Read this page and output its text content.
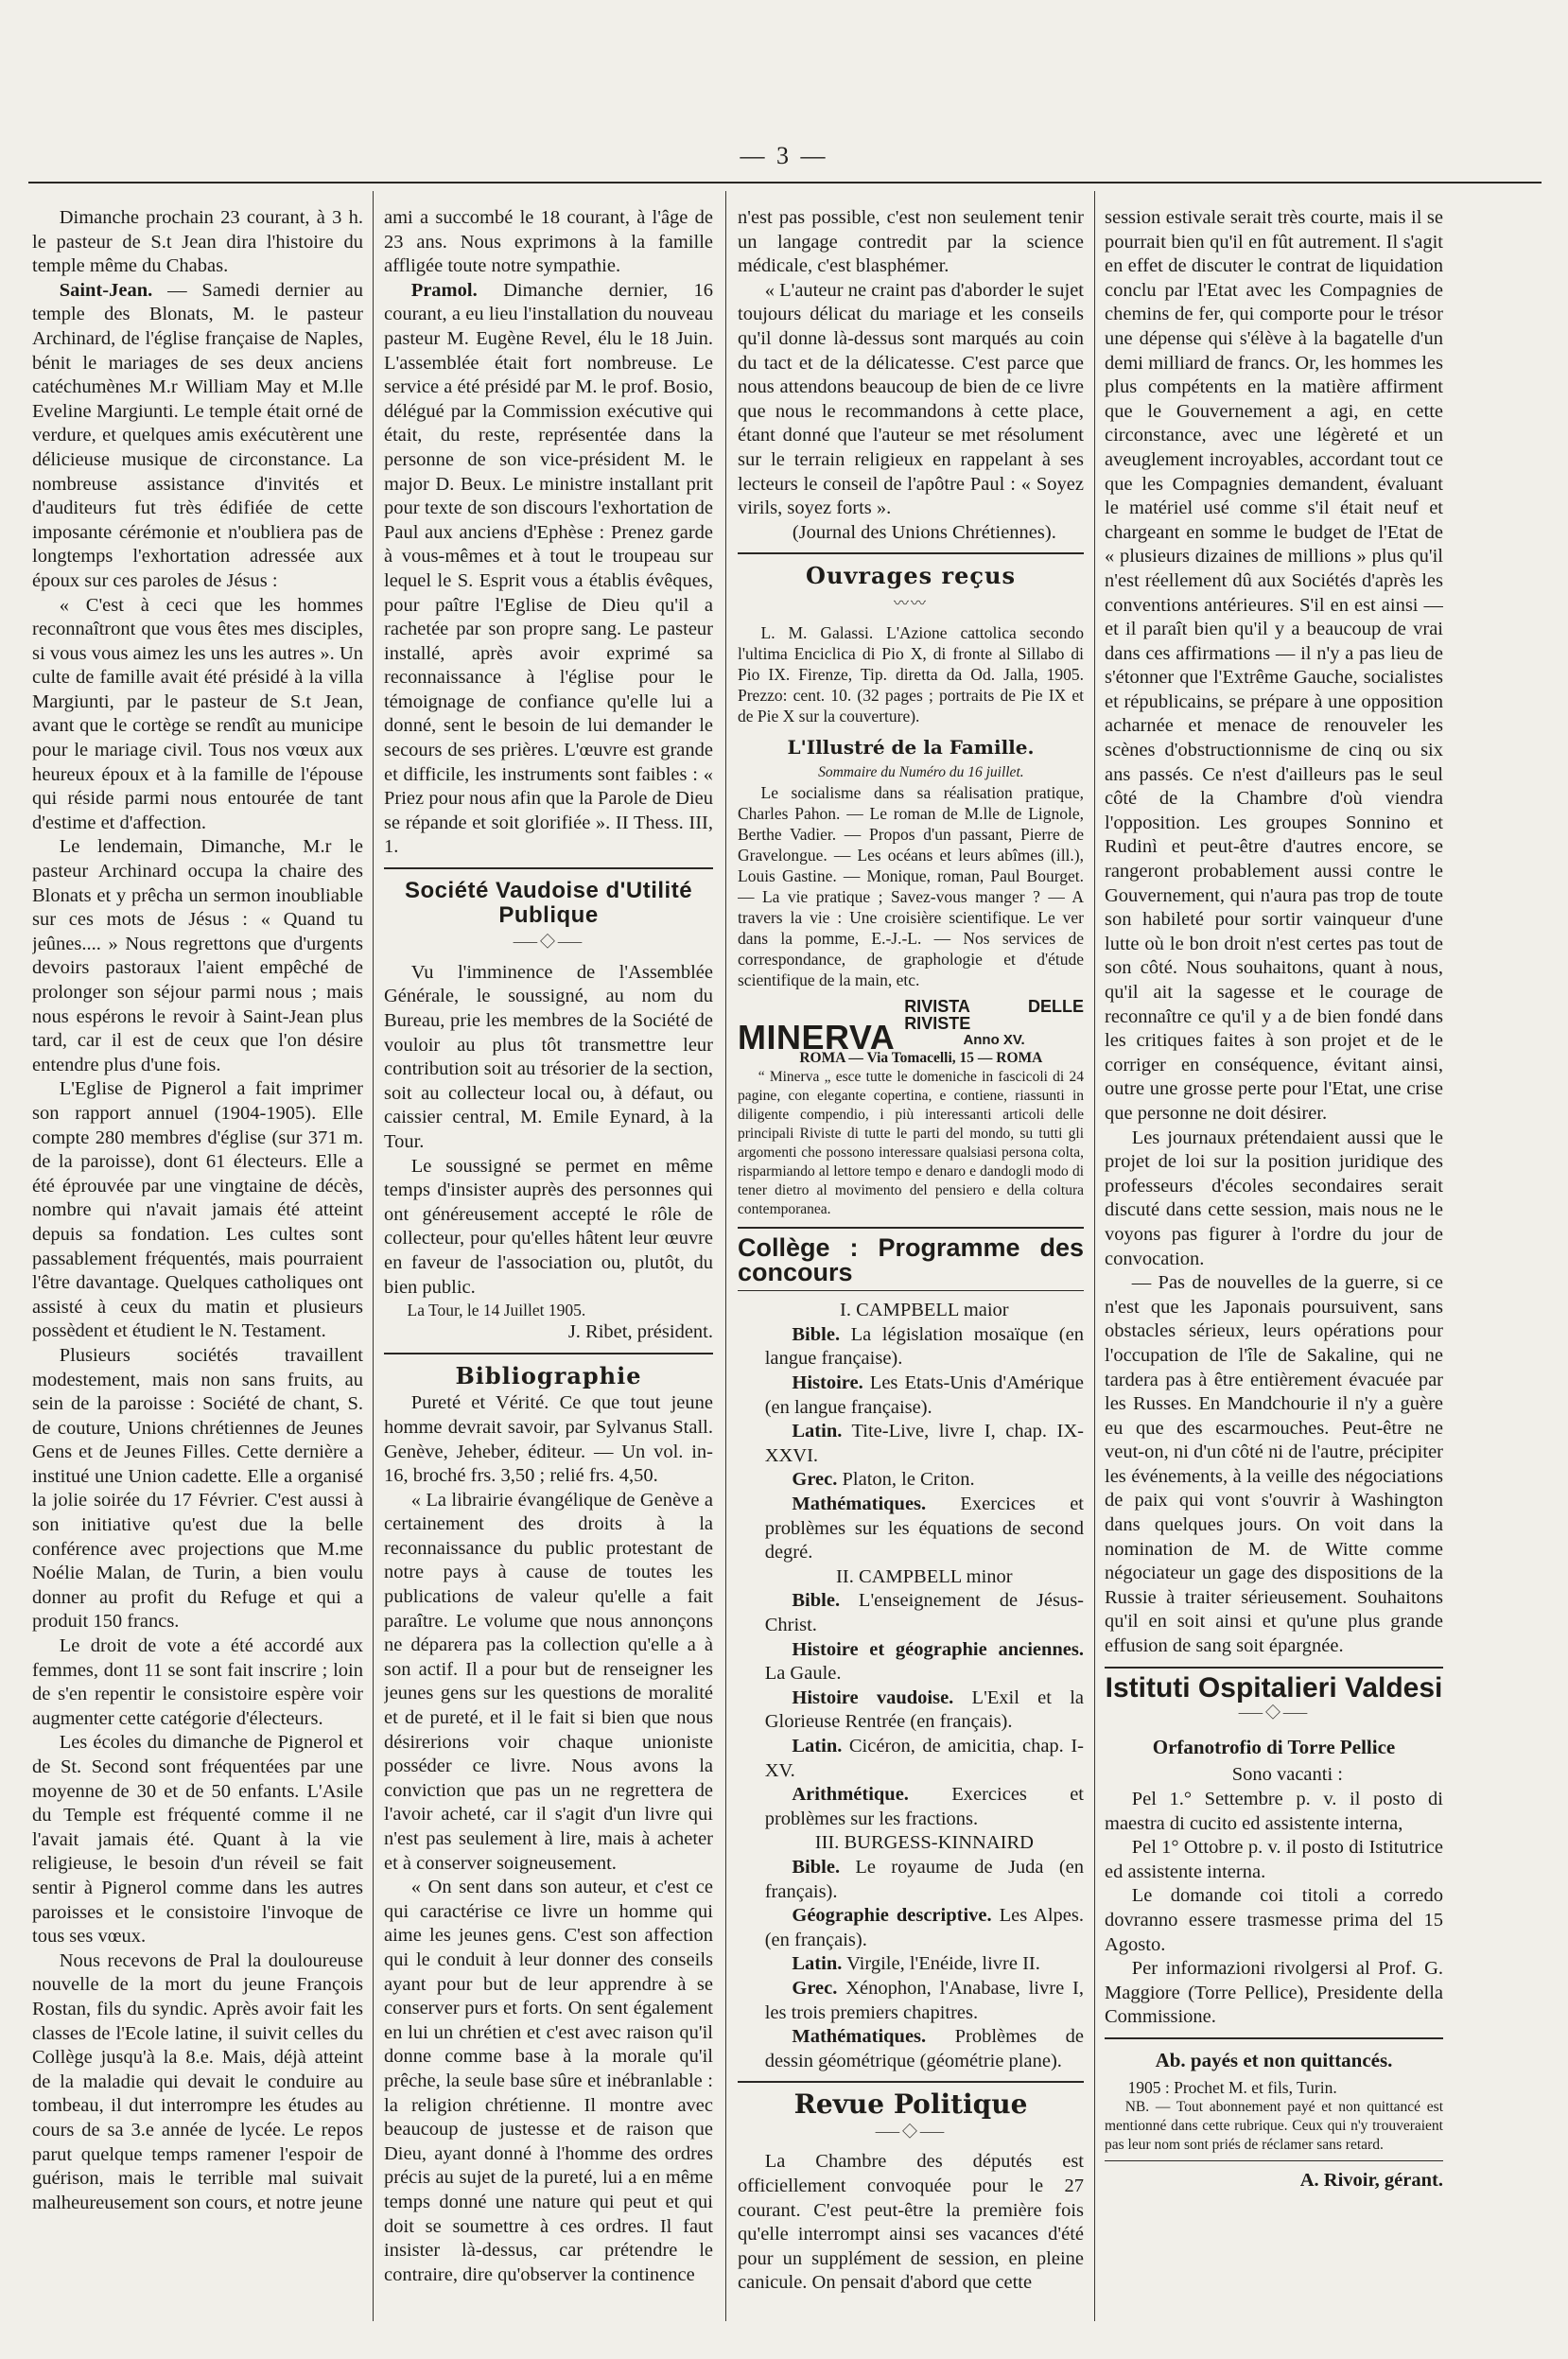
— 3 —

Dimanche prochain 23 courant, à 3 h. le pasteur de S.t Jean dira l'histoire du temple même du Chabas.

Saint-Jean. — Samedi dernier au temple des Blonats, M. le pasteur Archinard, de l'église française de Naples, bénit le mariages de ses deux anciens catéchumènes M.r William May et M.lle Eveline Margiunti. Le temple était orné de verdure, et quelques amis exécutèrent une délicieuse musique de circonstance. La nombreuse assistance d'invités et d'auditeurs fut très édifiée de cette imposante cérémonie et n'oubliera pas de longtemps l'exhortation adressée aux époux sur ces paroles de Jésus :

« C'est à ceci que les hommes reconnaîtront que vous êtes mes disciples, si vous vous aimez les uns les autres ». Un culte de famille avait été présidé à la villa Margiunti, par le pasteur de S.t Jean, avant que le cortège se rendît au municipe pour le mariage civil. Tous nos vœux aux heureux époux et à la famille de l'épouse qui réside parmi nous entourée de tant d'estime et d'affection.

Le lendemain, Dimanche, M.r le pasteur Archinard occupa la chaire des Blonats et y prêcha un sermon inoubliable sur ces mots de Jésus : « Quand tu jeûnes.... » Nous regrettons que d'urgents devoirs pastoraux l'aient empêché de prolonger son séjour parmi nous ; mais nous espérons le revoir à Saint-Jean plus tard, car il est de ceux que l'on désire entendre plus d'une fois.

L'Eglise de Pignerol a fait imprimer son rapport annuel (1904-1905). Elle compte 280 membres d'église (sur 371 m. de la paroisse), dont 61 électeurs. Elle a été éprouvée par une vingtaine de décès, nombre qui n'avait jamais été atteint depuis sa fondation. Les cultes sont passablement fréquentés, mais pourraient l'être davantage. Quelques catholiques ont assisté à ceux du matin et plusieurs possèdent et étudient le N. Testament.

Plusieurs sociétés travaillent modestement, mais non sans fruits, au sein de la paroisse : Société de chant, S. de couture, Unions chrétiennes de Jeunes Gens et de Jeunes Filles. Cette dernière a institué une Union cadette. Elle a organisé la jolie soirée du 17 Février. C'est aussi à son initiative qu'est due la belle conférence avec projections que M.me Noélie Malan, de Turin, a bien voulu donner au profit du Refuge et qui a produit 150 francs.

Le droit de vote a été accordé aux femmes, dont 11 se sont fait inscrire ; loin de s'en repentir le consistoire espère voir augmenter cette catégorie d'électeurs.

Les écoles du dimanche de Pignerol et de St. Second sont fréquentées par une moyenne de 30 et de 50 enfants. L'Asile du Temple est fréquenté comme il ne l'avait jamais été. Quant à la vie religieuse, le besoin d'un réveil se fait sentir à Pignerol comme dans les autres paroisses et le consistoire l'invoque de tous ses vœux.

Nous recevons de Pral la douloureuse nouvelle de la mort du jeune François Rostan, fils du syndic. Après avoir fait les classes de l'Ecole latine, il suivit celles du Collège jusqu'à la 8.e. Mais, déjà atteint de la maladie qui devait le conduire au tombeau, il dut interrompre les études au cours de sa 3.e année de lycée. Le repos parut quelque temps ramener l'espoir de guérison, mais le terrible mal suivait malheureusement son cours, et notre jeune

ami a succombé le 18 courant, à l'âge de 23 ans. Nous exprimons à la famille affligée toute notre sympathie.

Pramol. Dimanche dernier, 16 courant, a eu lieu l'installation du nouveau pasteur M. Eugène Revel, élu le 18 Juin. L'assemblée était fort nombreuse. Le service a été présidé par M. le prof. Bosio, délégué par la Commission exécutive qui était, du reste, représentée dans la personne de son vice-président M. le major D. Beux. Le ministre installant prit pour texte de son discours l'exhortation de Paul aux anciens d'Ephèse : Prenez garde à vous-mêmes et à tout le troupeau sur lequel le S. Esprit vous a établis évêques, pour paître l'Eglise de Dieu qu'il a rachetée par son propre sang. Le pasteur installé, après avoir exprimé sa reconnaissance à l'église pour le témoignage de confiance qu'elle lui a donné, sent le besoin de lui demander le secours de ses prières. L'œuvre est grande et difficile, les instruments sont faibles : « Priez pour nous afin que la Parole de Dieu se répande et soit glorifiée ». II Thess. III, 1.

Société Vaudoise d'Utilité Publique
⸺◇⸺

Vu l'imminence de l'Assemblée Générale, le soussigné, au nom du Bureau, prie les membres de la Société de vouloir au plus tôt transmettre leur contribution soit au trésorier de la section, soit au collecteur local ou, à défaut, ou caissier central, M. Emile Eynard, à la Tour.

Le soussigné se permet en même temps d'insister auprès des personnes qui ont généreusement accepté le rôle de collecteur, pour qu'elles hâtent leur œuvre en faveur de l'association ou, plutôt, du bien public.

La Tour, le 14 Juillet 1905.

J. Ribet, président.

Bibliographie

Pureté et Vérité. Ce que tout jeune homme devrait savoir, par Sylvanus Stall. Genève, Jeheber, éditeur. — Un vol. in-16, broché frs. 3,50 ; relié frs. 4,50.

« La librairie évangélique de Genève a certainement des droits à la reconnaissance du public protestant de notre pays à cause de toutes les publications de valeur qu'elle a fait paraître. Le volume que nous annonçons ne déparera pas la collection qu'elle a à son actif. Il a pour but de renseigner les jeunes gens sur les questions de moralité et de pureté, et il le fait si bien que nous désirerions voir chaque unioniste posséder ce livre. Nous avons la conviction que pas un ne regrettera de l'avoir acheté, car il s'agit d'un livre qui n'est pas seulement à lire, mais à acheter et à conserver soigneusement.

« On sent dans son auteur, et c'est ce qui caractérise ce livre un homme qui aime les jeunes gens. C'est son affection qui le conduit à leur donner des conseils ayant pour but de leur apprendre à se conserver purs et forts. On sent également en lui un chrétien et c'est avec raison qu'il donne comme base à la morale qu'il prêche, la seule base sûre et inébranlable : la religion chrétienne. Il montre avec beaucoup de justesse et de raison que Dieu, ayant donné à l'homme des ordres précis au sujet de la pureté, lui a en même temps donné une nature qui peut et qui doit se soumettre à ces ordres. Il faut insister là-dessus, car prétendre le contraire, dire qu'observer la continence

n'est pas possible, c'est non seulement tenir un langage contredit par la science médicale, c'est blasphémer.

« L'auteur ne craint pas d'aborder le sujet toujours délicat du mariage et les conseils qu'il donne là-dessus sont marqués au coin du tact et de la délicatesse. C'est parce que nous attendons beaucoup de bien de ce livre que nous le recommandons à cette place, étant donné que l'auteur se met résolument sur le terrain religieux en rappelant à ses lecteurs le conseil de l'apôtre Paul : « Soyez virils, soyez forts ».

(Journal des Unions Chrétiennes).

Ouvrages reçus
〰〰

L. M. Galassi. L'Azione cattolica secondo l'ultima Enciclica di Pio X, di fronte al Sillabo di Pio IX. Firenze, Tip. diretta da Od. Jalla, 1905. Prezzo: cent. 10. (32 pages ; portraits de Pie IX et de Pie X sur la couverture).

L'Illustré de la Famille.

Sommaire du Numéro du 16 juillet.

Le socialisme dans sa réalisation pratique, Charles Pahon. — Le roman de M.lle de Lignole, Berthe Vadier. — Propos d'un passant, Pierre de Gravelongue. — Les océans et leurs abîmes (ill.), Louis Gastine. — Monique, roman, Paul Bourget. — La vie pratique ; Savez-vous manger ? — A travers la vie : Une croisière scientifique. Le ver dans la pomme, E.-J.-L. — Nos services de correspondance, de graphologie et d'étude scientifique de la main, etc.

MINERVA
RIVISTA DELLE RIVISTE
Anno XV.

ROMA — Via Tomacelli, 15 — ROMA

“ Minerva „ esce tutte le domeniche in fascicoli di 24 pagine, con elegante copertina, e contiene, riassunti in diligente compendio, i più interessanti articoli delle principali Riviste di tutte le parti del mondo, su tutti gli argomenti che possono interessare qualsiasi persona colta, risparmiando al lettore tempo e denaro e dandogli modo di tener dietro al movimento del pensiero e della coltura contemporanea.

Collège : Programme des concours

I. CAMPBELL maior

Bible. La législation mosaïque (en langue française).

Histoire. Les Etats-Unis d'Amérique (en langue française).

Latin. Tite-Live, livre I, chap. IX-XXVI.

Grec. Platon, le Criton.

Mathématiques. Exercices et problèmes sur les équations de second degré.

II. CAMPBELL minor

Bible. L'enseignement de Jésus-Christ.

Histoire et géographie anciennes. La Gaule.

Histoire vaudoise. L'Exil et la Glorieuse Rentrée (en français).

Latin. Cicéron, de amicitia, chap. I-XV.

Arithmétique. Exercices et problèmes sur les fractions.

III. BURGESS-KINNAIRD

Bible. Le royaume de Juda (en français).

Géographie descriptive. Les Alpes. (en français).

Latin. Virgile, l'Enéide, livre II.

Grec. Xénophon, l'Anabase, livre I, les trois premiers chapitres.

Mathématiques. Problèmes de dessin géométrique (géométrie plane).

Revue Politique
⸺◇⸺

La Chambre des députés est officiellement convoquée pour le 27 courant. C'est peut-être la première fois qu'elle interrompt ainsi ses vacances d'été pour un supplément de session, en pleine canicule. On pensait d'abord que cette

session estivale serait très courte, mais il se pourrait bien qu'il en fût autrement. Il s'agit en effet de discuter le contrat de liquidation conclu par l'Etat avec les Compagnies de chemins de fer, qui comporte pour le trésor une dépense qui s'élève à la bagatelle d'un demi milliard de francs. Or, les hommes les plus compétents en la matière affirment que le Gouvernement a agi, en cette circonstance, avec une légèreté et un aveuglement incroyables, accordant tout ce que les Compagnies demandent, évaluant le matériel usé comme s'il était neuf et chargeant en somme le budget de l'Etat de « plusieurs dizaines de millions » plus qu'il n'est réellement dû aux Sociétés d'après les conventions antérieures. S'il en est ainsi — et il paraît bien qu'il y a beaucoup de vrai dans ces affirmations — il n'y a pas lieu de s'étonner que l'Extrême Gauche, socialistes et républicains, se prépare à une opposition acharnée et menace de renouveler les scènes d'obstructionnisme de cinq ou six ans passés. Ce n'est d'ailleurs pas le seul côté de la Chambre d'où viendra l'opposition. Les groupes Sonnino et Rudinì et peut-être d'autres encore, se rangeront probablement aussi contre le Gouvernement, qui n'aura pas trop de toute son habileté pour sortir vainqueur d'une lutte où le bon droit n'est certes pas tout de son côté. Nous souhaitons, quant à nous, qu'il ait la sagesse et le courage de reconnaître ce qu'il y a de bien fondé dans les critiques faites à son projet et de le corriger en conséquence, évitant ainsi, outre une grosse perte pour l'Etat, une crise que personne ne doit désirer.

Les journaux prétendaient aussi que le projet de loi sur la position juridique des professeurs d'écoles secondaires serait discuté dans cette session, mais nous ne le voyons pas figurer à l'ordre du jour de convocation.

— Pas de nouvelles de la guerre, si ce n'est que les Japonais poursuivent, sans obstacles sérieux, leurs opérations pour l'occupation de l'île de Sakaline, qui ne tardera pas à être entièrement évacuée par les Russes. En Mandchourie il n'y a guère eu que des escarmouches. Peut-être ne veut-on, ni d'un côté ni de l'autre, précipiter les événements, à la veille des négociations de paix qui vont s'ouvrir à Washington dans quelques jours. On voit dans la nomination de M. de Witte comme négociateur un gage des dispositions de la Russie à traiter sérieusement. Souhaitons qu'il en soit ainsi et qu'une plus grande effusion de sang soit épargnée.

Istituti Ospitalieri Valdesi
⸺◇⸺
Orfanotrofio di Torre Pellice

Sono vacanti :

Pel 1.° Settembre p. v. il posto di maestra di cucito ed assistente interna,

Pel 1° Ottobre p. v. il posto di Istitutrice ed assistente interna.

Le domande coi titoli a corredo dovranno essere trasmesse prima del 15 Agosto.

Per informazioni rivolgersi al Prof. G. Maggiore (Torre Pellice), Presidente della Commissione.

Ab. payés et non quittancés.

1905 : Prochet M. et fils, Turin.

NB. — Tout abonnement payé et non quittancé est mentionné dans cette rubrique. Ceux qui n'y trouveraient pas leur nom sont priés de réclamer sans retard.

A. Rivoir, gérant.
